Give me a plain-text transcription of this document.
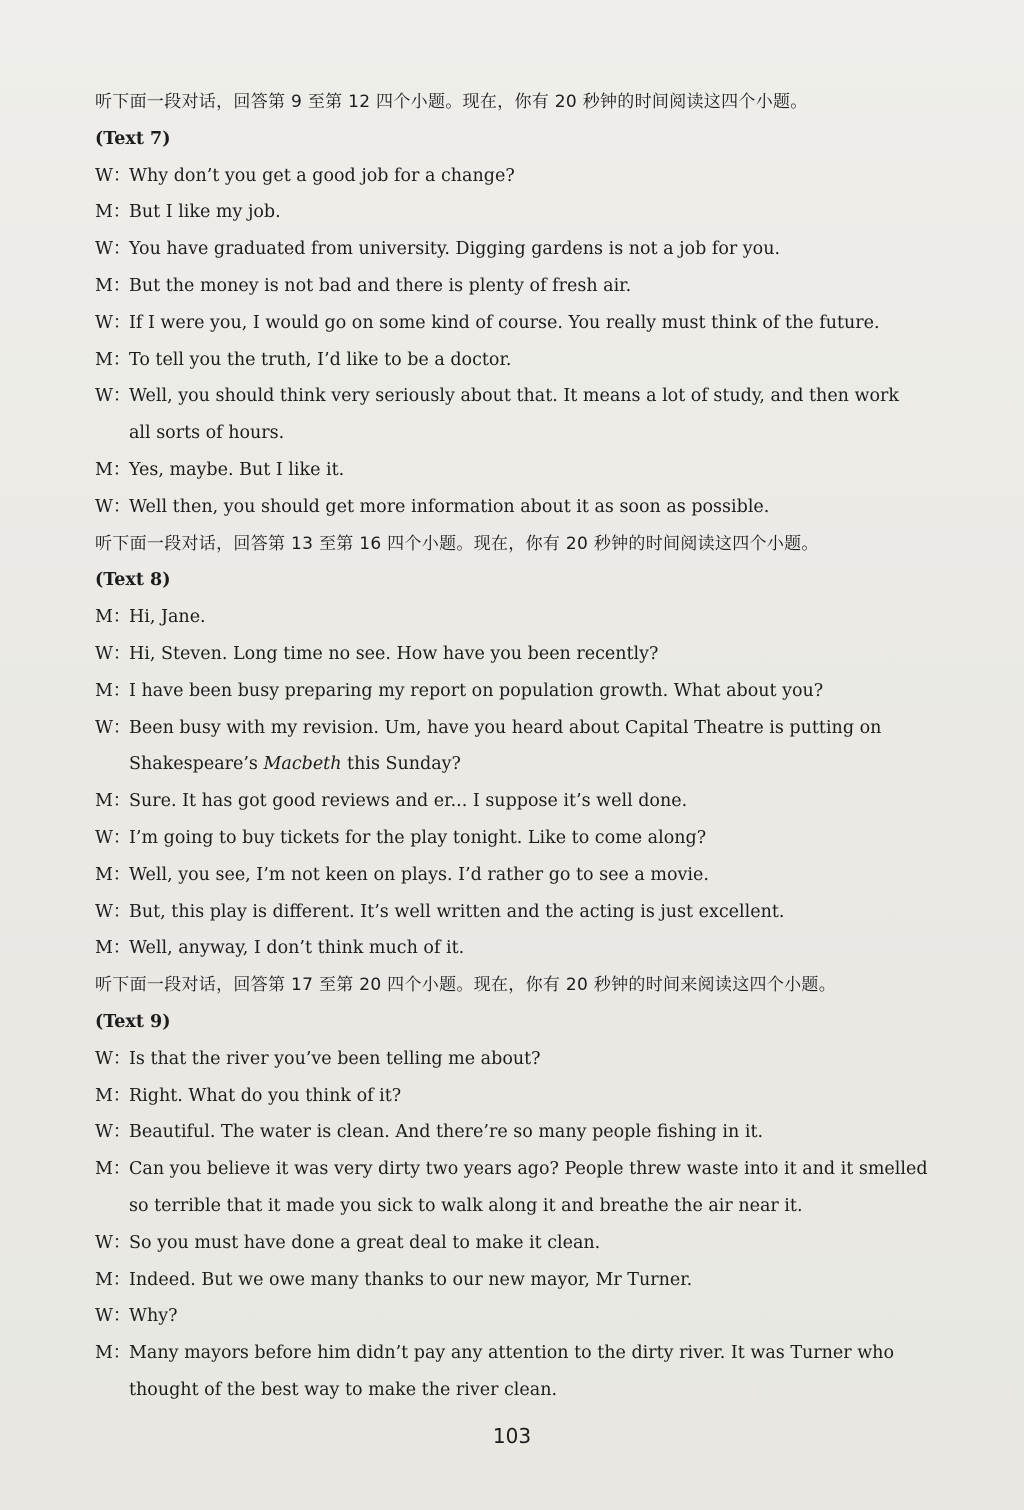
听下面一段对话，回答第 9 至第 12 四个小题。现在，你有 20 秒钟的时间阅读这四个小题。
(Text 7)
W：Why don’t you get a good job for a change?
M：But I like my job.
W：You have graduated from university. Digging gardens is not a job for you.
M：But the money is not bad and there is plenty of fresh air.
W：If I were you, I would go on some kind of course. You really must think of the future.
M：To tell you the truth, I’d like to be a doctor.
W：Well, you should think very seriously about that. It means a lot of study, and then work
all sorts of hours.
M：Yes, maybe. But I like it.
W：Well then, you should get more information about it as soon as possible.
听下面一段对话，回答第 13 至第 16 四个小题。现在，你有 20 秒钟的时间阅读这四个小题。
(Text 8)
M：Hi, Jane.
W：Hi, Steven. Long time no see. How have you been recently?
M：I have been busy preparing my report on population growth. What about you?
W：Been busy with my revision. Um, have you heard about Capital Theatre is putting on
Shakespeare’s Macbeth this Sunday?
M：Sure. It has got good reviews and er... I suppose it’s well done.
W：I’m going to buy tickets for the play tonight. Like to come along?
M：Well, you see, I’m not keen on plays. I’d rather go to see a movie.
W：But, this play is different. It’s well written and the acting is just excellent.
M：Well, anyway, I don’t think much of it.
听下面一段对话，回答第 17 至第 20 四个小题。现在，你有 20 秒钟的时间来阅读这四个小题。
(Text 9)
W：Is that the river you’ve been telling me about?
M：Right. What do you think of it?
W：Beautiful. The water is clean. And there’re so many people fishing in it.
M：Can you believe it was very dirty two years ago? People threw waste into it and it smelled
so terrible that it made you sick to walk along it and breathe the air near it.
W：So you must have done a great deal to make it clean.
M：Indeed. But we owe many thanks to our new mayor, Mr Turner.
W：Why?
M：Many mayors before him didn’t pay any attention to the dirty river. It was Turner who
thought of the best way to make the river clean.
103
